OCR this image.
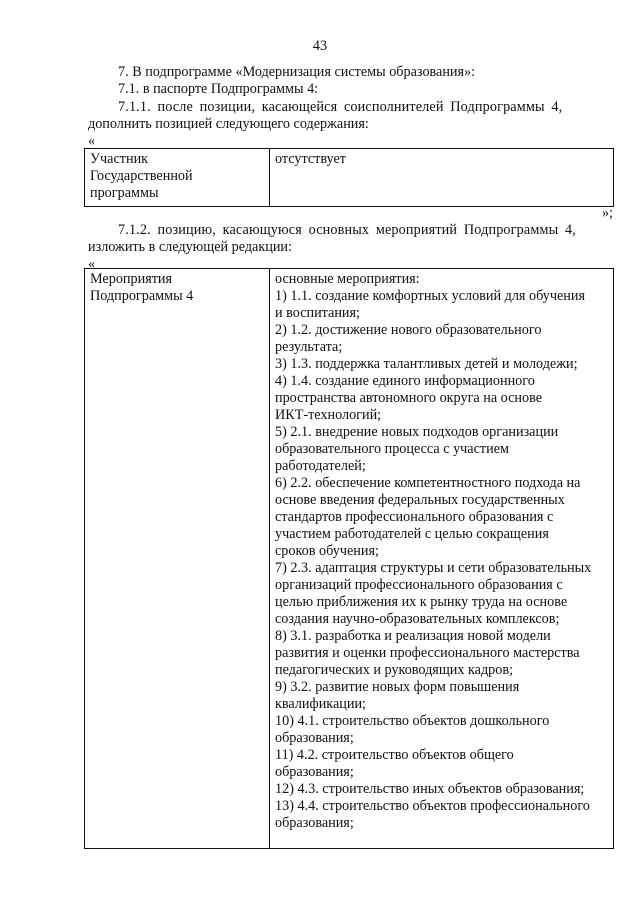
43

7. В подпрограмме «Модернизация системы образования»:

7.1. в паспорте Подпрограммы 4:

7.1.1. после позиции, касающейся соисполнителей Подпрограммы 4,

дополнить позицией следующего содержания:

«
Участник
Государственной
программы

отсутствует
»;

7.1.2. позицию, касающуюся основных мероприятий Подпрограммы 4,

изложить в следующей редакции:

«
Мероприятия
Подпрограммы 4

основные мероприятия:
1) 1.1. создание комфортных условий для обучения
и воспитания;
2) 1.2. достижение нового образовательного
результата;
3) 1.3. поддержка талантливых детей и молодежи;
4) 1.4. создание единого информационного
пространства автономного округа на основе
ИКТ-технологий;
5) 2.1. внедрение новых подходов организации
образовательного процесса с участием
работодателей;
6) 2.2. обеспечение компетентностного подхода на
основе введения федеральных государственных
стандартов профессионального образования с
участием работодателей с целью сокращения
сроков обучения;
7) 2.3. адаптация структуры и сети образовательных
организаций профессионального образования с
целью приближения их к рынку труда на основе
создания научно-образовательных комплексов;
8) 3.1. разработка и реализация новой модели
развития и оценки профессионального мастерства
педагогических и руководящих кадров;
9) 3.2. развитие новых форм повышения
квалификации;
10) 4.1. строительство объектов дошкольного
образования;
11) 4.2. строительство объектов общего
образования;
12) 4.3. строительство иных объектов образования;
13) 4.4. строительство объектов профессионального
образования;
